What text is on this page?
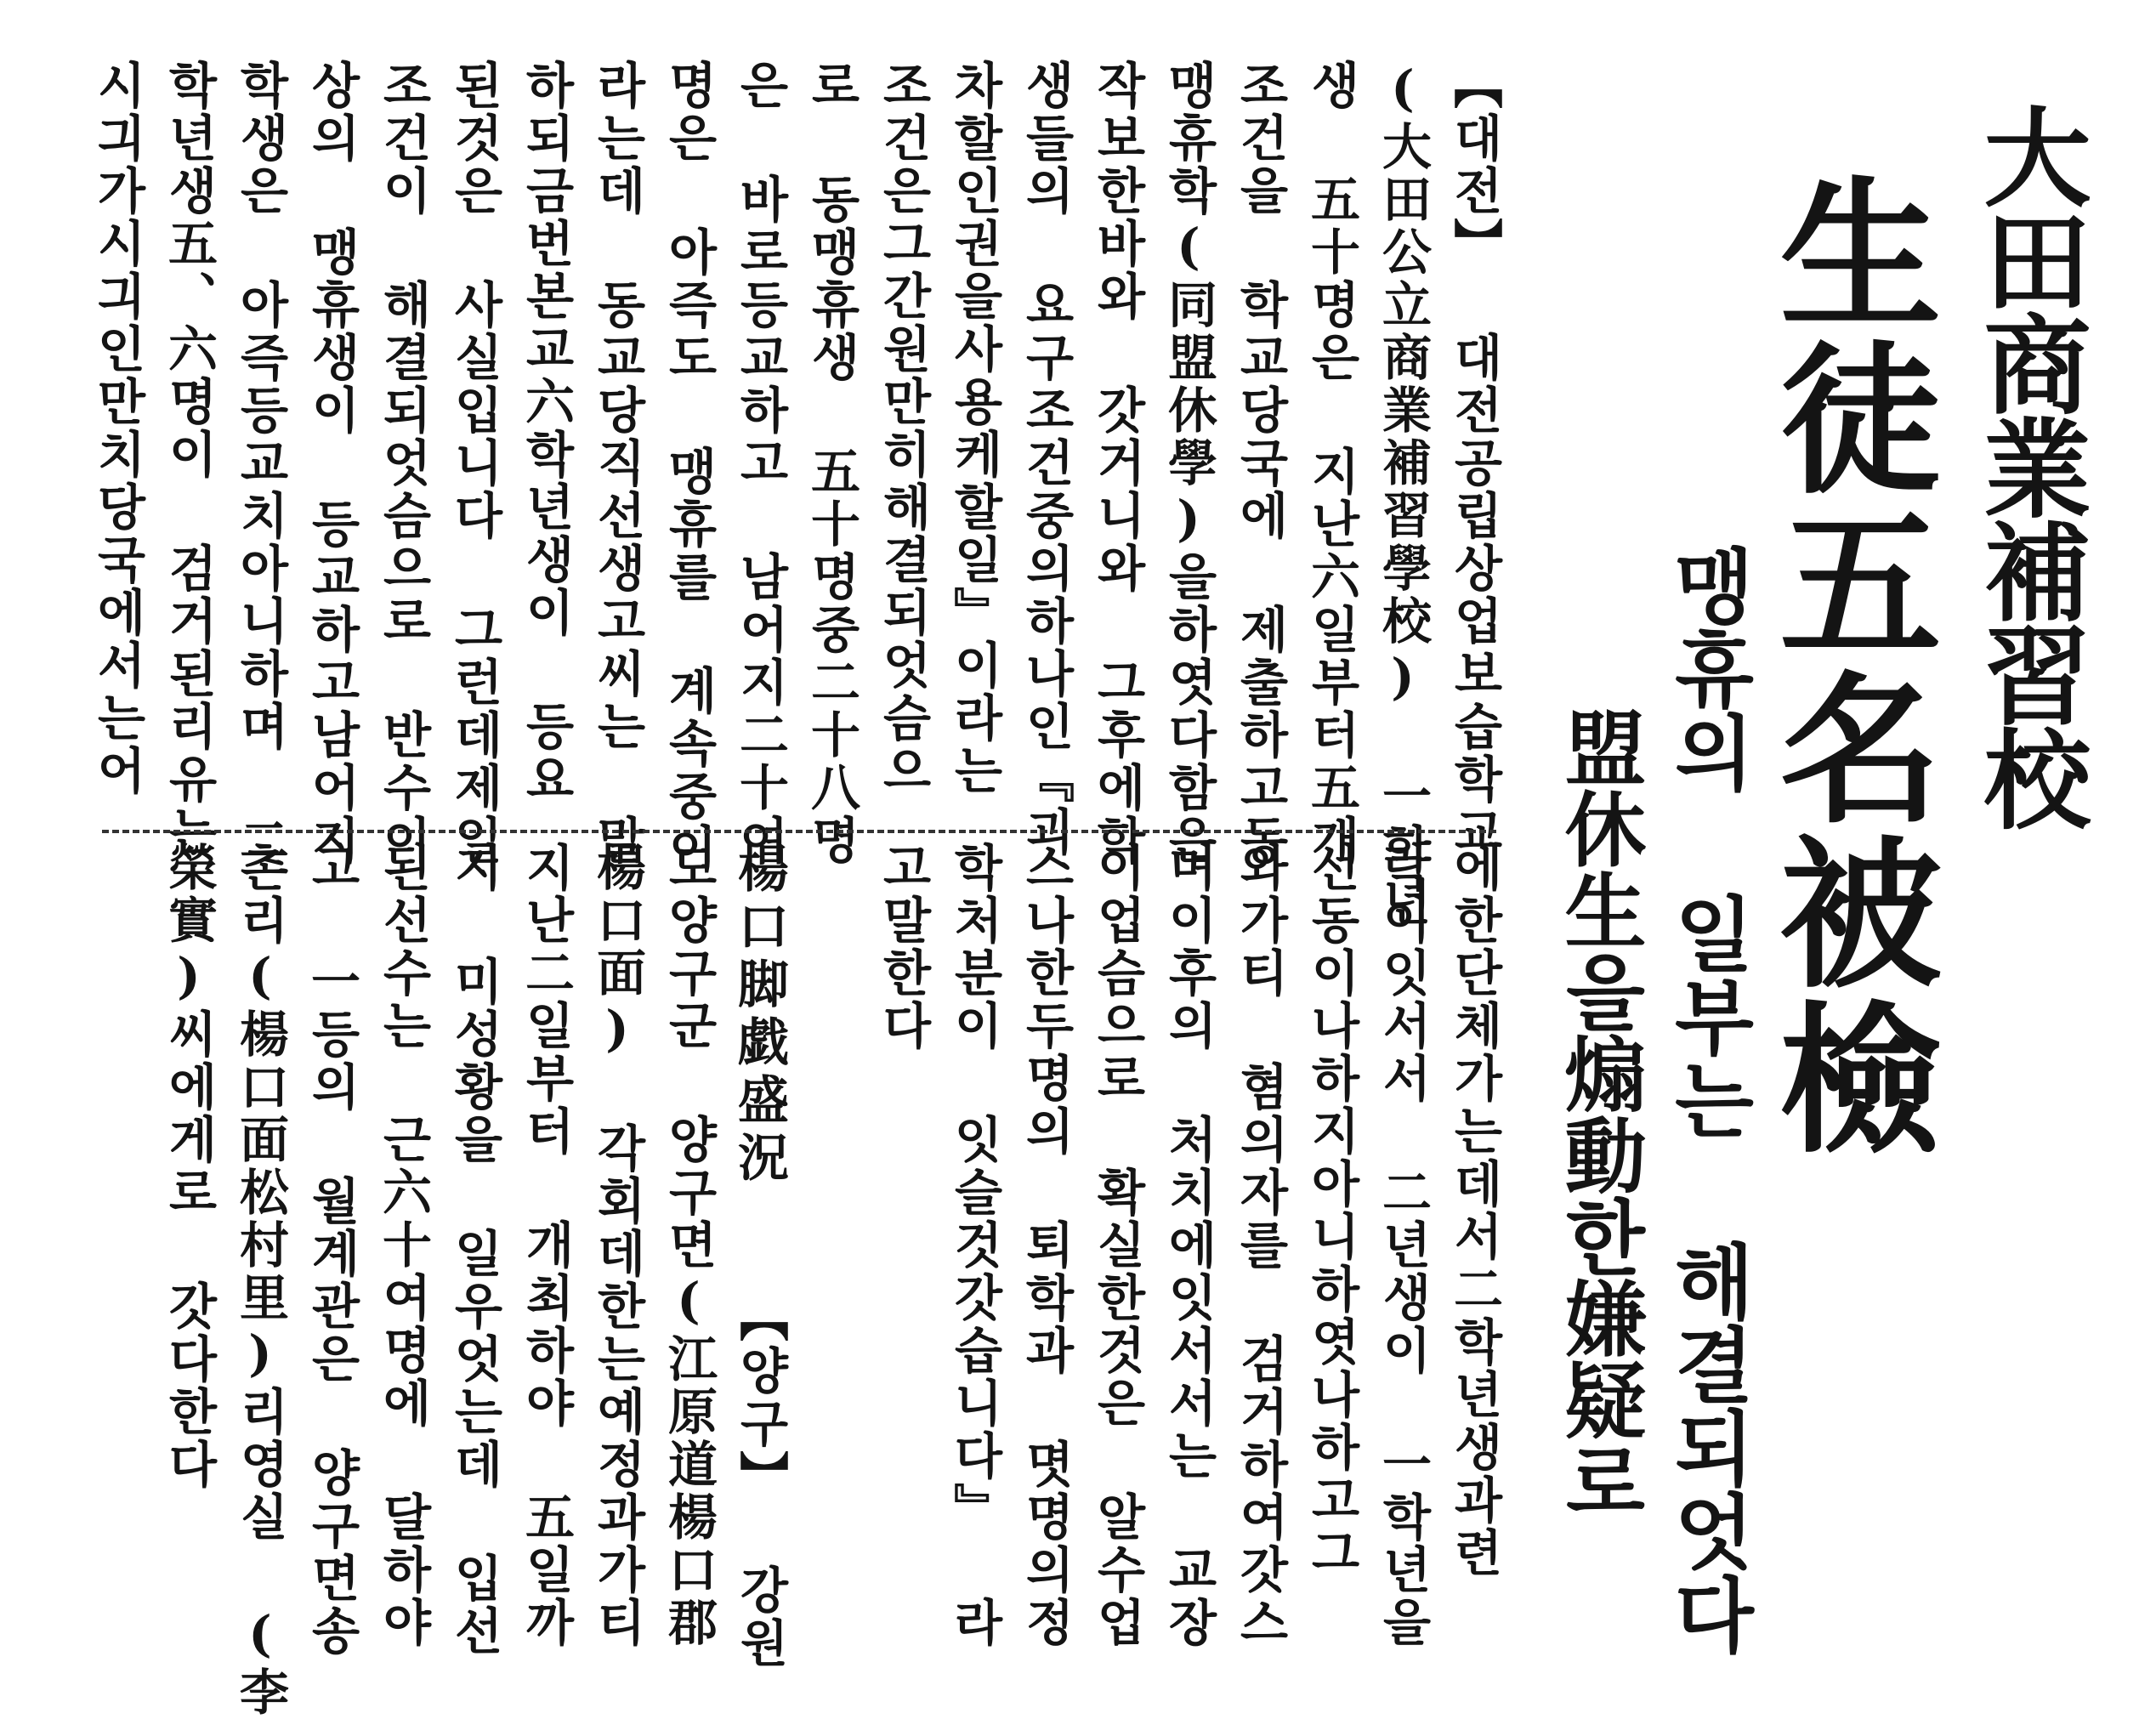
大田商業補習校
生徒五名被檢
맹휴의 일부는 해결되엇다
盟休生을煽動한嫌疑로
【대전】 대전공립상업보습학교
(大田公立商業補習學校) 一학년
생 五十명은 지난六일부터五개
조건을 학교당국에 제출하고동
맹휴학(同盟休學)을하엿다함은
작보한바와 갓거니와 그후에학
생들의 요구조건중의하나인『괴
차할인권을사용케할일』이라는
조건은그간원만히해결되엇슴으
로 동맹휴생 五十명중二十八명
은 바로등교하고 남어지二十여
명은 아즉도 맹휴를 계속중이
라는데 동교당직선생고씨는 말
하되금번본교六학년생이 등요
된것은 사실입니다 그런데제일
조건이 해결되엇슴으로 반수이
상의 맹휴생이 등교하고남어지
학생은 아즉등교치아니하며 二
학년생五、六명이 검거된리유는
시긔가시긔인만치당국에서는어
에한단체가는데서二학년생과련
락이잇서서 二년생이 一학년을
선동이나하지아니하엿나하고그
와가티 혐의자를 검거하여갓스
며이후의 처치에잇서서는 교장
이업슴으로 확실한것은 알수업
스나한두명의 퇴학과 몃명의정
학처분이 잇슬것갓습니다』 라
고말한다
楊口脚戯盛況
【양구】 강원
도양구군 양구면(江原道楊口郡
楊口面) 각회데한는예정과가티
지난二일부터 개최하야 五일까
지 미성황을 일우엇는데 입선
된선수는 근六十여명에 달하야
고 一등의 월계관은 양구면송
촌리(楊口面松村里)리영실 (李
榮實)씨에게로 갓다한다
